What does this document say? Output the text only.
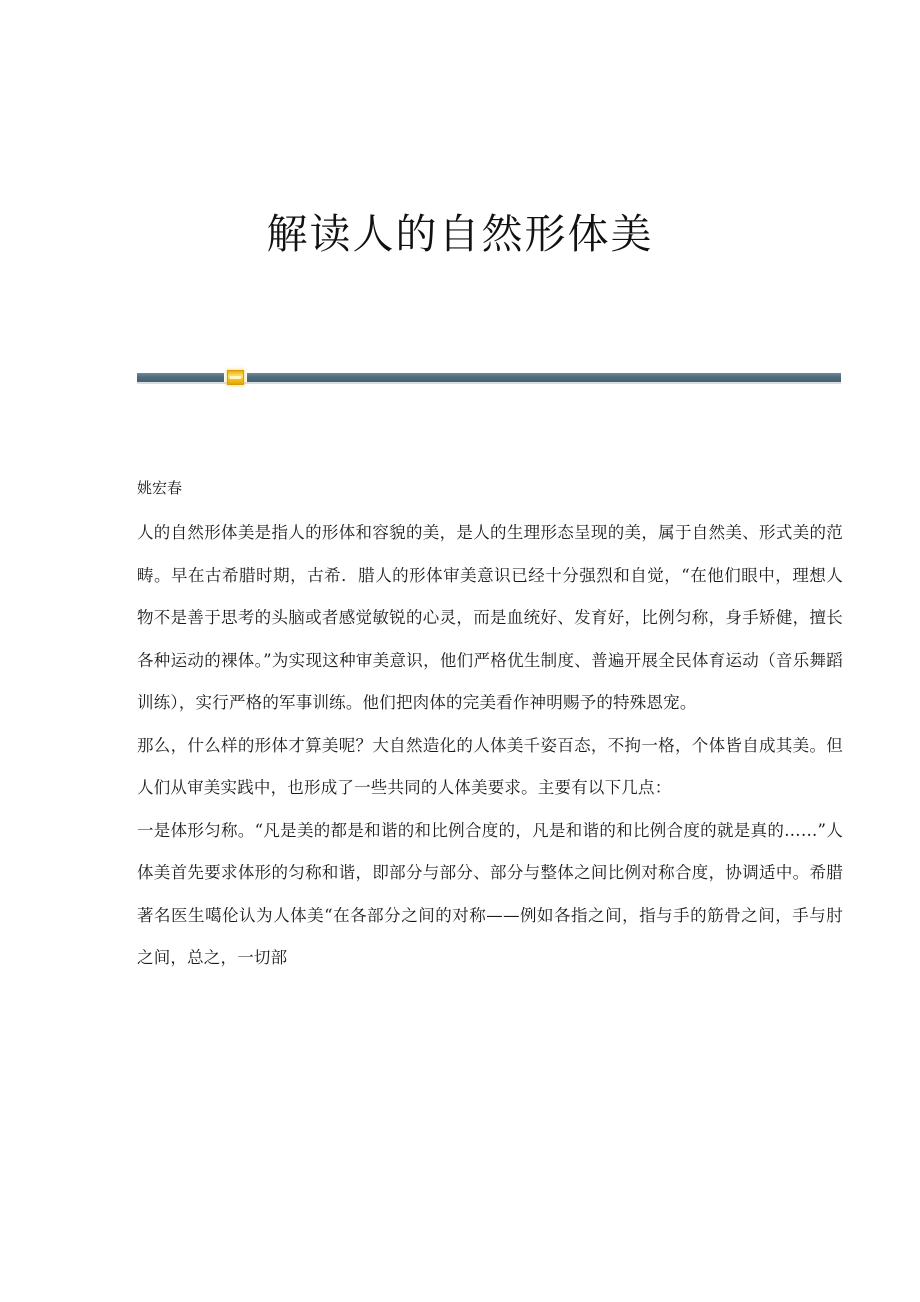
解读人的自然形体美
姚宏春

人的自然形体美是指人的形体和容貌的美，是人的生理形态呈现的美，属于自然美、形式美的范畴。早在古希腊时期，古希．腊人的形体审美意识已经十分强烈和自觉，“在他们眼中，理想人物不是善于思考的头脑或者感觉敏锐的心灵，而是血统好、发育好，比例匀称，身手矫健，擅长各种运动的裸体。”为实现这种审美意识，他们严格优生制度、普遍开展全民体育运动（音乐舞蹈训练），实行严格的军事训练。他们把肉体的完美看作神明赐予的特殊恩宠。

那么，什么样的形体才算美呢？大自然造化的人体美千姿百态，不拘一格，个体皆自成其美。但人们从审美实践中，也形成了一些共同的人体美要求。主要有以下几点：

一是体形匀称。“凡是美的都是和谐的和比例合度的，凡是和谐的和比例合度的就是真的……”人体美首先要求体形的匀称和谐，即部分与部分、部分与整体之间比例对称合度，协调适中。希腊著名医生噶伦认为人体美“在各部分之间的对称——例如各指之间，指与手的筋骨之间，手与肘之间，总之，一切部
